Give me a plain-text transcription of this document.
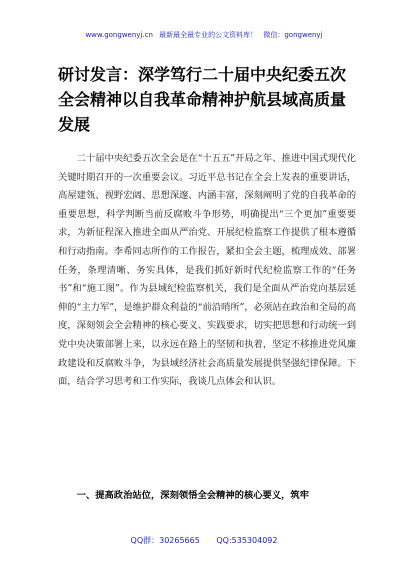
www.gongwenyj.cn 最新最全最专业的公文资料库！ 微信：gongwenyj
研讨发言：深学笃行二十届中央纪委五次全会精神以自我革命精神护航县域高质量发展

二十届中央纪委五次全会是在“十五五”开局之年、推进中国式现代化关键时期召开的一次重要会议。习近平总书记在全会上发表的重要讲话，高屋建瓴、视野宏阔、思想深邃、内涵丰富，深刻阐明了党的自我革命的重要思想，科学判断当前反腐败斗争形势，明确提出“三个更加”重要要求，为新征程深入推进全面从严治党、开展纪检监察工作提供了根本遵循和行动指南。李希同志所作的工作报告，紧扣全会主题，梳理成效、部署任务，条理清晰、务实具体，是我们抓好新时代纪检监察工作的“任务书”和“施工图”。作为县域纪检监察机关，我们是全面从严治党向基层延伸的“主力军”，是维护群众利益的“前沿哨所”，必须站在政治和全局的高度，深刻领会全会精神的核心要义、实践要求，切实把思想和行动统一到党中央决策部署上来，以永远在路上的坚韧和执着，坚定不移推进党风廉政建设和反腐败斗争，为县域经济社会高质量发展提供坚强纪律保障。下面，结合学习思考和工作实际，我谈几点体会和认识。

一、提高政治站位，深刻领悟全会精神的核心要义，筑牢
QQ群：30265665 QQ:535304092
